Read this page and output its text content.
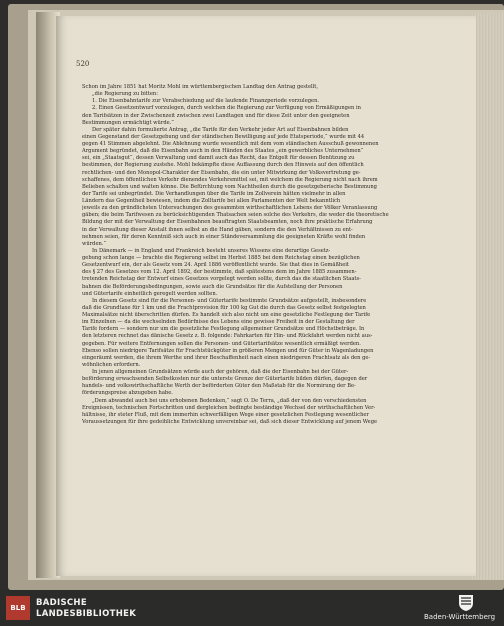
520
Schon im Jahre 1851 hat Moritz Mohl im württembergischen Landtag den Antrag gestellt,
„die Regierung zu bitten:
1. Die Eisenbahntarife zur Verabschiedung auf die laufende Finanzperiode vorzulegen.
2. Einen Gesetzentwurf vorzulegen, durch welchen die Regierung zur Verfügung von Ermäßigungen in
den Tarifsätzen in der Zwischenzeit zwischen zwei Landtagen und für diese Zeit unter den geeigneten
Bestimmungen ermächtigt würde.“
Der später dahin formulierte Antrag, „die Tarife für den Verkehr jeder Art auf Eisenbahnen bilden
einen Gegenstand der Gesetzgebung und der ständischen Bewilligung auf jede Etatsperiode,“ wurde mit 44
gegen 41 Stimmen abgelehnt. Die Ablehnung wurde wesentlich mit dem vom ständischen Ausschuß gewonnenen
Argument begründet, daß die Eisenbahn auch in den Händen des Staates „ein gewerbliches Unternehmen“
sei, ein „Staatsgut“, dessen Verwaltung und damit auch das Recht, das Entgelt für dessen Benützung zu
bestimmen, der Regierung zustehe. Mohl bekämpfte diese Auffassung durch den Hinweis auf den öffentlich
rechtlichen- und den Monopol-Charakter der Eisenbahn, die ein unter Mitwirkung der Volksvertretung ge-
schaffenes, dem öffentlichen Verkehr dienendes Verkehrsmittel sei, mit welchem die Regierung nicht nach ihrem
Belieben schalten und walten könne. Die Befürchtung vom Nachtheilen durch die gesetzgeberische Bestimmung
der Tarife sei unbegründet. Die Verhandlungen über die Tarife im Zollverein hätten vielmehr in allen
Ländern das Gegentheil bewiesen, indem die Zolltarife bei allen Parlamenten der Welt bekanntlich
jeweils zu den gründlichsten Untersuchungen des gesammten wirthschaftlichen Lebens der Völker Veranlassung
gäben; die beim Tarifwesen zu berücksichtigenden Thatsachen seien solche des Verkehrs, die weder die theoretische
Bildung der mit der Verwaltung der Eisenbahnen beauftragten Staatsbeamten, noch ihre praktische Erfahrung
in der Verwaltung dieser Anstalt ihnen selbst an die Hand gäben, sondern die den Verhältnissen zu ent-
nehmen seien, für deren Kenntniß sich auch in einer Ständeversammlung die geeigneten Kräfte wohl finden
würden.“
In Dänemark — in England und Frankreich besteht unseres Wissens eine derartige Gesetz-
gebung schon lange — brachte die Regierung selbst im Herbst 1885 bei dem Reichstag einen bezüglichen
Gesetzentwurf ein, der als Gesetz vom 24. April 1886 veröffentlicht wurde. Sie that dies in Gemäßheit
des § 27 des Gesetzes vom 12. April 1892, der bestimmte, daß spätestens dem im Jahre 1885 zusammen-
tretenden Reichstag der Entwurf eines Gesetzes vorgelegt werden sollte, durch das die staatlichen Staats-
bahnen die Beförderungsbedingungen, sowie auch die Grundsätze für die Aufstellung der Personen
und Gütertarife einheitlich geregelt werden sollten.
In diesem Gesetz sind für die Personen- und Gütertarife bestimmte Grundsätze aufgestellt, insbesondere
daß die Grundtaxe für 1 km und die Frachtprovision für 100 kg Gut die durch das Gesetz selbst festgelegten
Maximalsätze nicht überschritten dürfen. Es handelt sich also nicht um eine gesetzliche Festlegung der Tarife
im Einzelnen — da die wechselnden Bedürfnisse des Lebens eine gewisse Freiheit in der Gestaltung der
Tarife fordern — sondern nur um die gesetzliche Festlegung allgemeiner Grundsätze und Höchstbeträge. In
den letzteren rechnet das dänische Gesetz z. B. folgende: Fahrkarten für Hin- und Rückfahrt werden nicht aus-
gegeben. Für weitere Entfernungen sollen die Personen- und Gütertarifsätze wesentlich ermäßigt werden.
Ebenso sollen niedrigere Tarifsätze für Frachtstückgüter in größeren Mengen und für Güter in Wagenladungen
eingeräumt werden, die ihrem Werthe und ihrer Beschaffenheit nach einen niedrigeren Frachtsatz als den ge-
wöhnlichen erfordern.
In jenen allgemeinen Grundsätzen würde auch der gehören, daß die der Eisenbahn bei der Güter-
beförderung erwachsenden Selbstkosten nur die unterste Grenze der Gütertarife bilden dürfen, dagegen der
handels- und volkswirthschaftliche Werth der beförderten Güter den Maßstab für die Normirung der Be-
förderungspreise abzugeben habe.
„Dem abwandel auch bei uns erhobenen Bedenken,“ sagt O. De Terra, „daß der von den verschiedensten
Ereignissen, technischen Fortschritten und dergleichen bedingte beständige Wechsel der wirthschaftlichen Ver-
hältnisse, ihr steter Fluß, mit dem immerhin schwerfälligen Wege einer gesetzlichen Festlegung wesentlicher
Voraussetzungen für ihre gedeihliche Entwicklung unvereinbar sei, daß sich dieser Entwicklung auf jenem Wege
BLB	BADISCHE
LANDESBIBLIOTHEK	Baden-Württemberg
